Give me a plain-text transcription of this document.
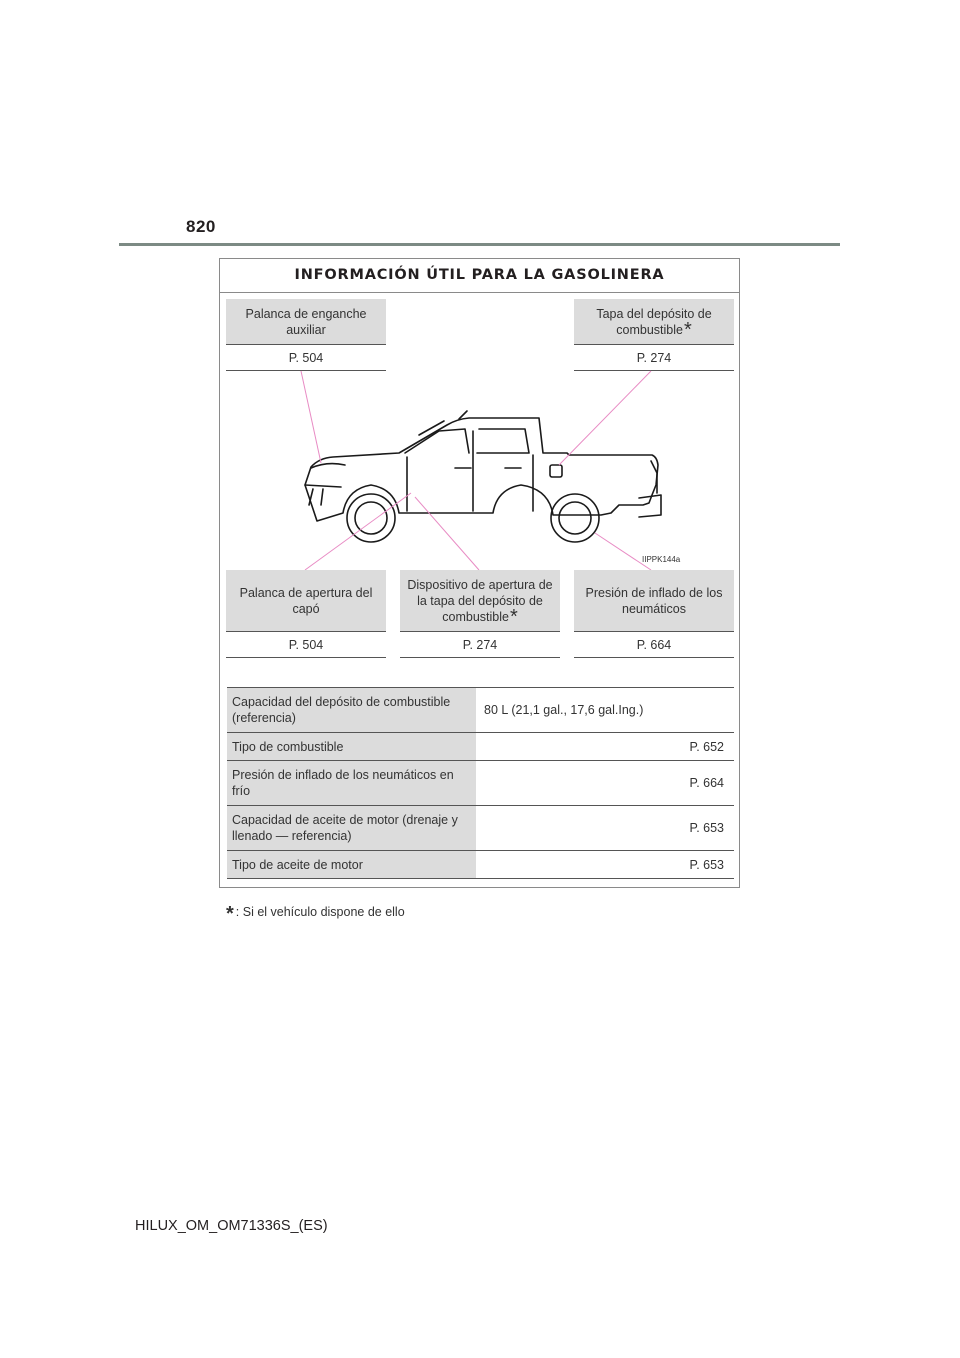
820
INFORMACIÓN ÚTIL PARA LA GASOLINERA
Palanca de enganche auxiliar
P. 504
Tapa del depósito de combustible*
P. 274
IIPPK144a
Palanca de apertura del capó
P. 504
Dispositivo de apertura de la tapa del depósito de combustible*
P. 274
Presión de inflado de los neumáticos
P. 664
Capacidad del depósito de combustible (referencia)
80 L (21,1 gal., 17,6 gal.Ing.)
Tipo de combustible	P. 652
Presión de inflado de los neumáticos en frío
P. 664
Capacidad de aceite de motor (drenaje y llenado — referencia)
P. 653
Tipo de aceite de motor	P. 653
* : Si el vehículo dispone de ello
HILUX_OM_OM71336S_(ES)
